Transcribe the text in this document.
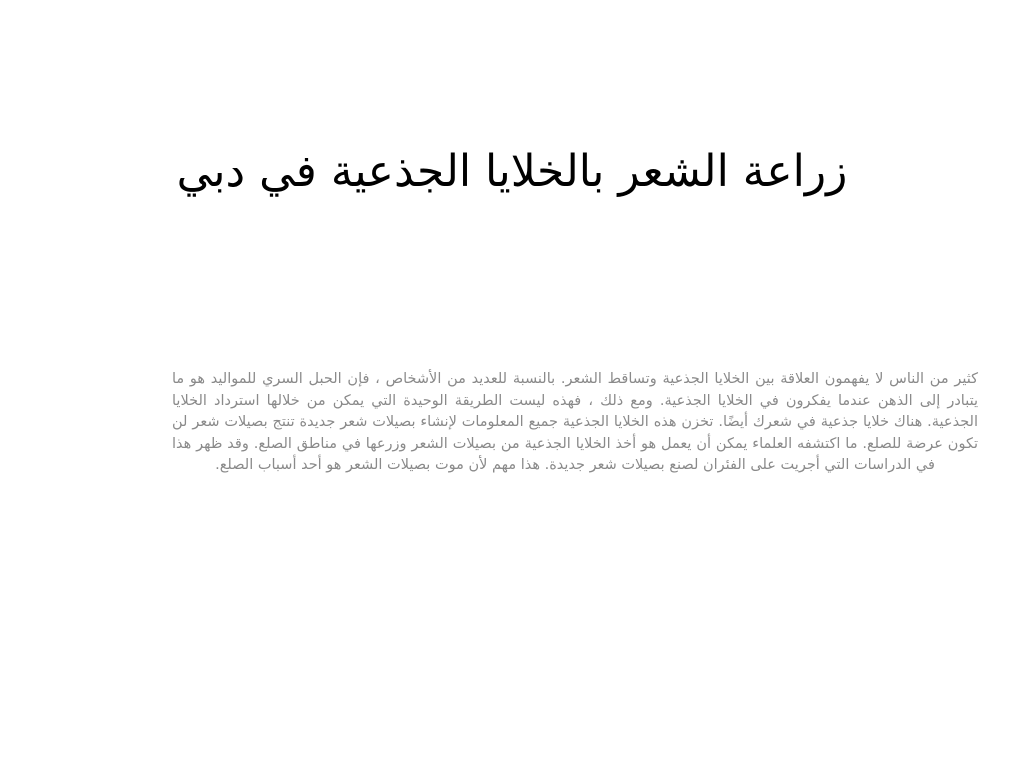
زراعة الشعر بالخلايا الجذعية في دبي

كثير من الناس لا يفهمون العلاقة بين الخلايا الجذعية وتساقط الشعر. بالنسبة للعديد من الأشخاص ، فإن الحبل السري للمواليد هو ما يتبادر إلى الذهن عندما يفكرون في الخلايا الجذعية. ومع ذلك ، فهذه ليست الطريقة الوحيدة التي يمكن من خلالها استرداد الخلايا الجذعية. هناك خلايا جذعية في شعرك أيضًا. تخزن هذه الخلايا الجذعية جميع المعلومات لإنشاء بصيلات شعر جديدة تنتج بصيلات شعر لن تكون عرضة للصلع. ما اكتشفه العلماء يمكن أن يعمل هو أخذ الخلايا الجذعية من بصيلات الشعر وزرعها في مناطق الصلع. وقد ظهر هذا في الدراسات التي أجريت على الفئران لصنع بصيلات شعر جديدة. هذا مهم لأن موت بصيلات الشعر هو أحد أسباب الصلع.
